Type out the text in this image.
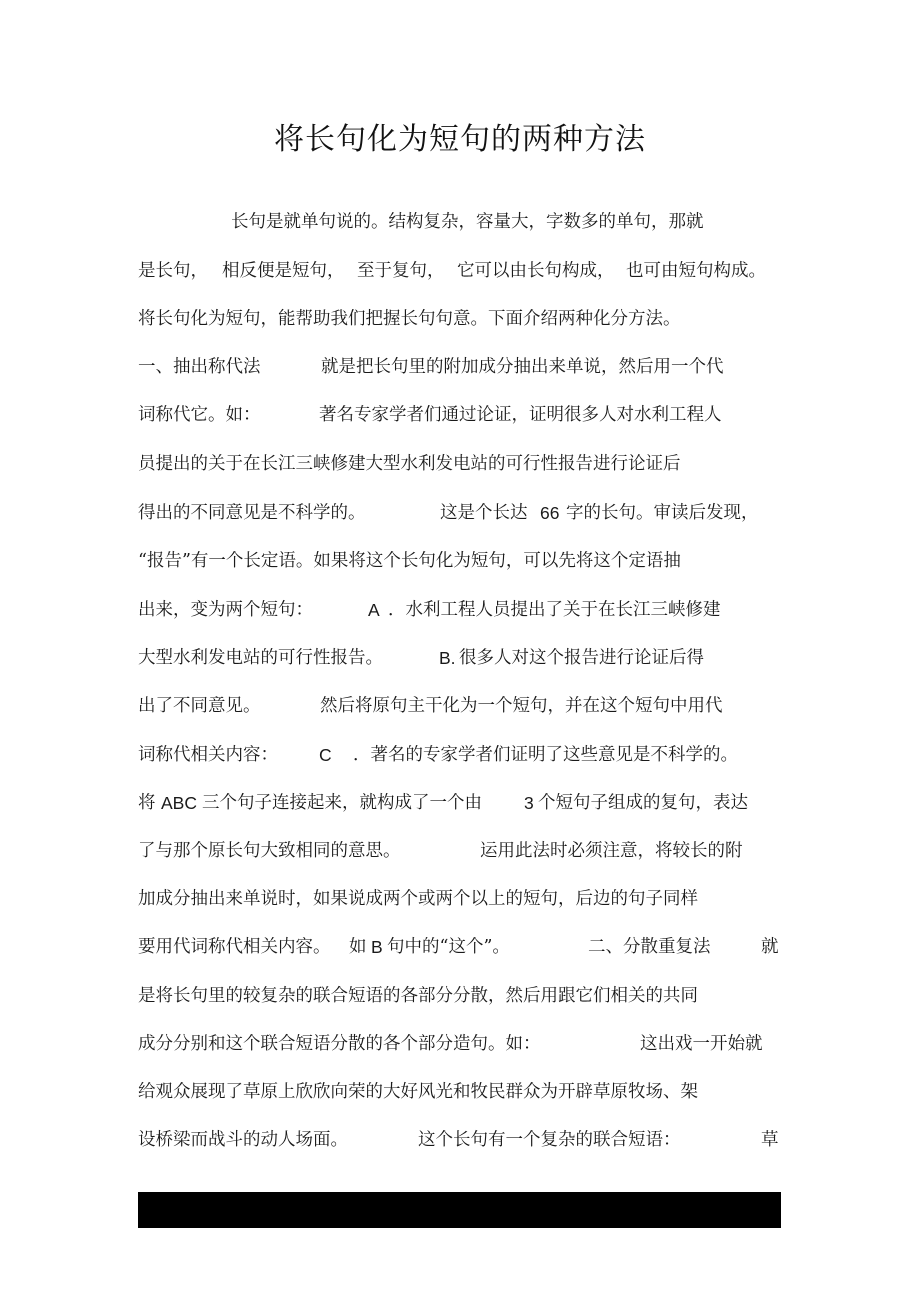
将长句化为短句的两种方法
长句是就单句说的。结构复杂，容量大，字数多的单句，那就
是长句， 相反便是短句， 至于复句， 它可以由长句构成， 也可由短句构成。
将长句化为短句，能帮助我们把握长句句意。下面介绍两种化分方法。
一、抽出称代法	就是把长句里的附加成分抽出来单说，然后用一个代
词称代它。如：	著名专家学者们通过论证，证明很多人对水利工程人
员提出的关于在长江三峡修建大型水利发电站的可行性报告进行论证后
得出的不同意见是不科学的。	这是个长达 66 字的长句。审读后发现，
“报告”有一个长定语。如果将这个长句化为短句，可以先将这个定语抽
出来，变为两个短句：	A ．水利工程人员提出了关于在长江三峡修建
大型水利发电站的可行性报告。	B. 很多人对这个报告进行论证后得
出了不同意见。	然后将原句主干化为一个短句，并在这个短句中用代
词称代相关内容： C ．著名的专家学者们证明了这些意见是不科学的。
将 ABC 三个句子连接起来，就构成了一个由 3 个短句子组成的复句，表达
了与那个原长句大致相同的意思。	运用此法时必须注意，将较长的附
加成分抽出来单说时，如果说成两个或两个以上的短句，后边的句子同样
要用代词称代相关内容。 如 B 句中的“这个”。	二、分散重复法	就
是将长句里的较复杂的联合短语的各部分分散，然后用跟它们相关的共同
成分分别和这个联合短语分散的各个部分造句。如：	这出戏一开始就
给观众展现了草原上欣欣向荣的大好风光和牧民群众为开辟草原牧场、架
设桥梁而战斗的动人场面。	这个长句有一个复杂的联合短语：	草
